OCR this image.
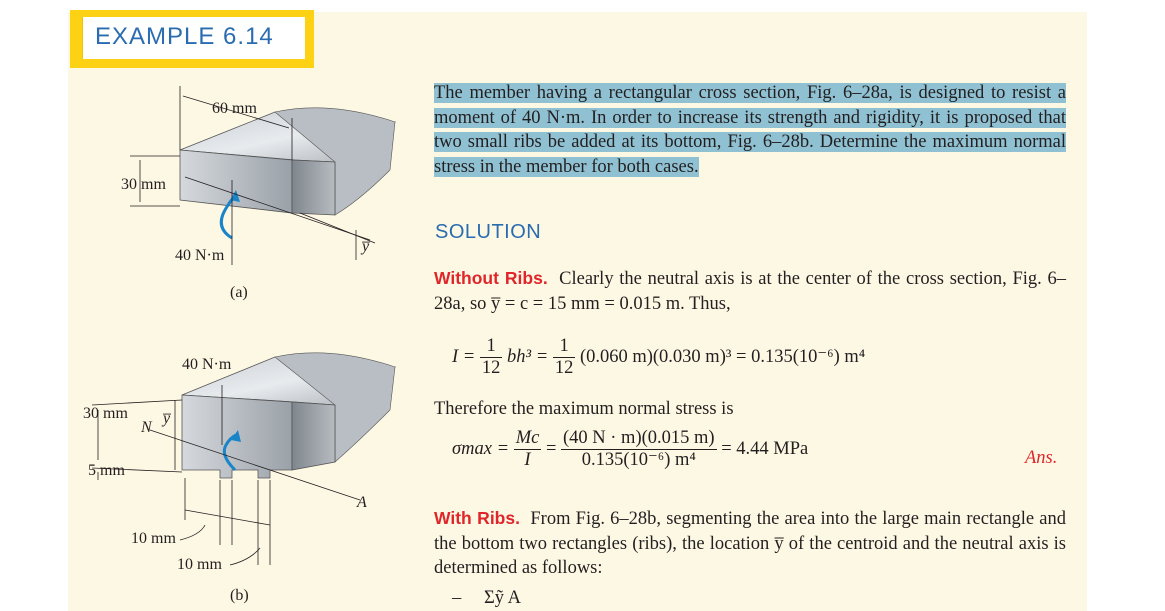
EXAMPLE 6.14
60 mm
30 mm
40 N·m
y̅
(a)
40 N·m
30 mm
N
y̅
5 mm
A
10 mm
10 mm
(b)
The member having a rectangular cross section, Fig. 6–28a, is designed to resist a moment of 40 N·m. In order to increase its strength and rigidity, it is proposed that two small ribs be added at its bottom, Fig. 6–28b. Determine the maximum normal stress in the member for both cases.
SOLUTION
Without Ribs. Clearly the neutral axis is at the center of the cross section, Fig. 6–28a, so y̅ = c = 15 mm = 0.015 m. Thus,
$I = \frac{1}{12} bh^3 = \frac{1}{12} (0.060$ m)(0.030 m)³ = 0.135(10⁻⁶) m⁴
Therefore the maximum normal stress is
$\sigma\max = \frac{Mc}{I} = \frac{(40 N \cdot m)(0.015 m)}{\text{0.135(10⁻⁶) m⁴}} = 4.44$ MPa	Ans.
With Ribs. From Fig. 6–28b, segmenting the area into the large main rectangle and the bottom two rectangles (ribs), the location y̅ of the centroid and the neutral axis is determined as follows:
Σỹ A
–
